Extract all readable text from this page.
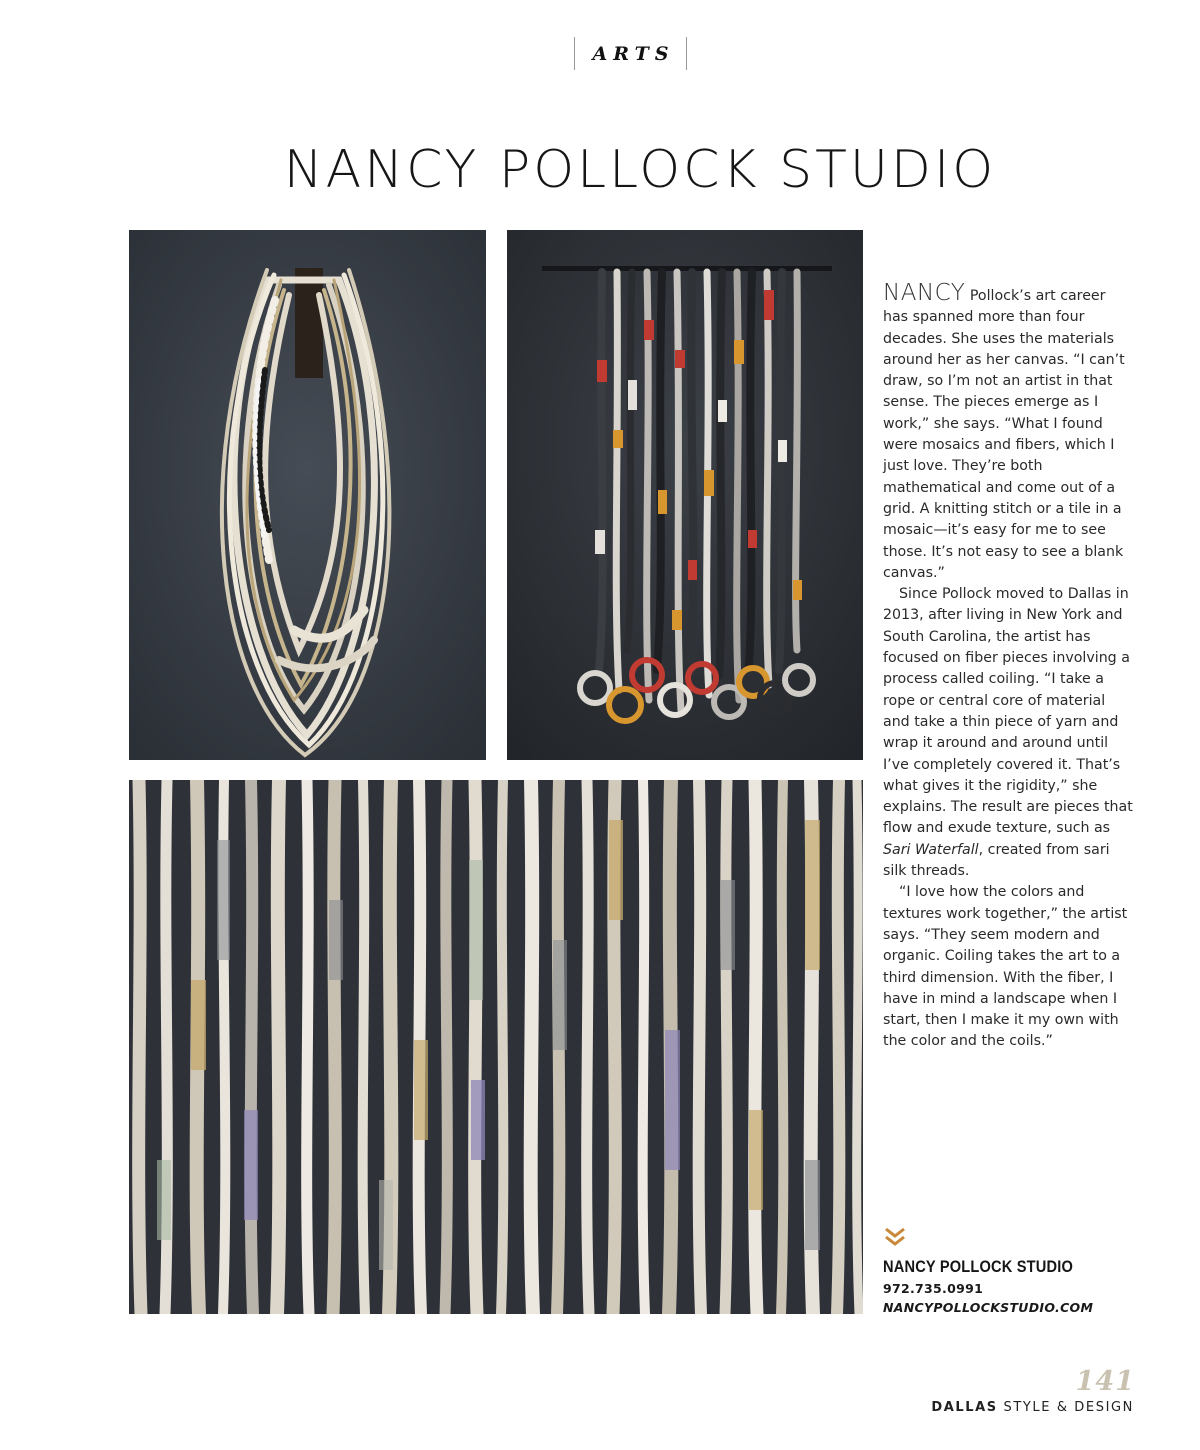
ARTS
NANCY POLLOCK STUDIO

NANCY Pollock’s art career has spanned more than four decades. She uses the materials around her as her canvas. “I can’t draw, so I’m not an artist in that sense. The pieces emerge as I work,” she says. “What I found were mosaics and fibers, which I just love. They’re both mathematical and come out of a grid. A knitting stitch or a tile in a mosaic—it’s easy for me to see those. It’s not easy to see a blank canvas.”

Since Pollock moved to Dallas in 2013, after living in New York and South Carolina, the artist has focused on fiber pieces involving a process called coiling. “I take a rope or central core of material and take a thin piece of yarn and wrap it around and around until I’ve completely covered it. That’s what gives it the rigidity,” she explains. The result are pieces that flow and exude texture, such as Sari Waterfall, created from sari silk threads.

“I love how the colors and textures work together,” the artist says. “They seem modern and organic. Coiling takes the art to a third dimension. With the fiber, I have in mind a landscape when I start, then I make it my own with the color and the coils.”

NANCY POLLOCK STUDIO
972.735.0991
NANCYPOLLOCKSTUDIO.COM
141
DALLAS STYLE & DESIGN
